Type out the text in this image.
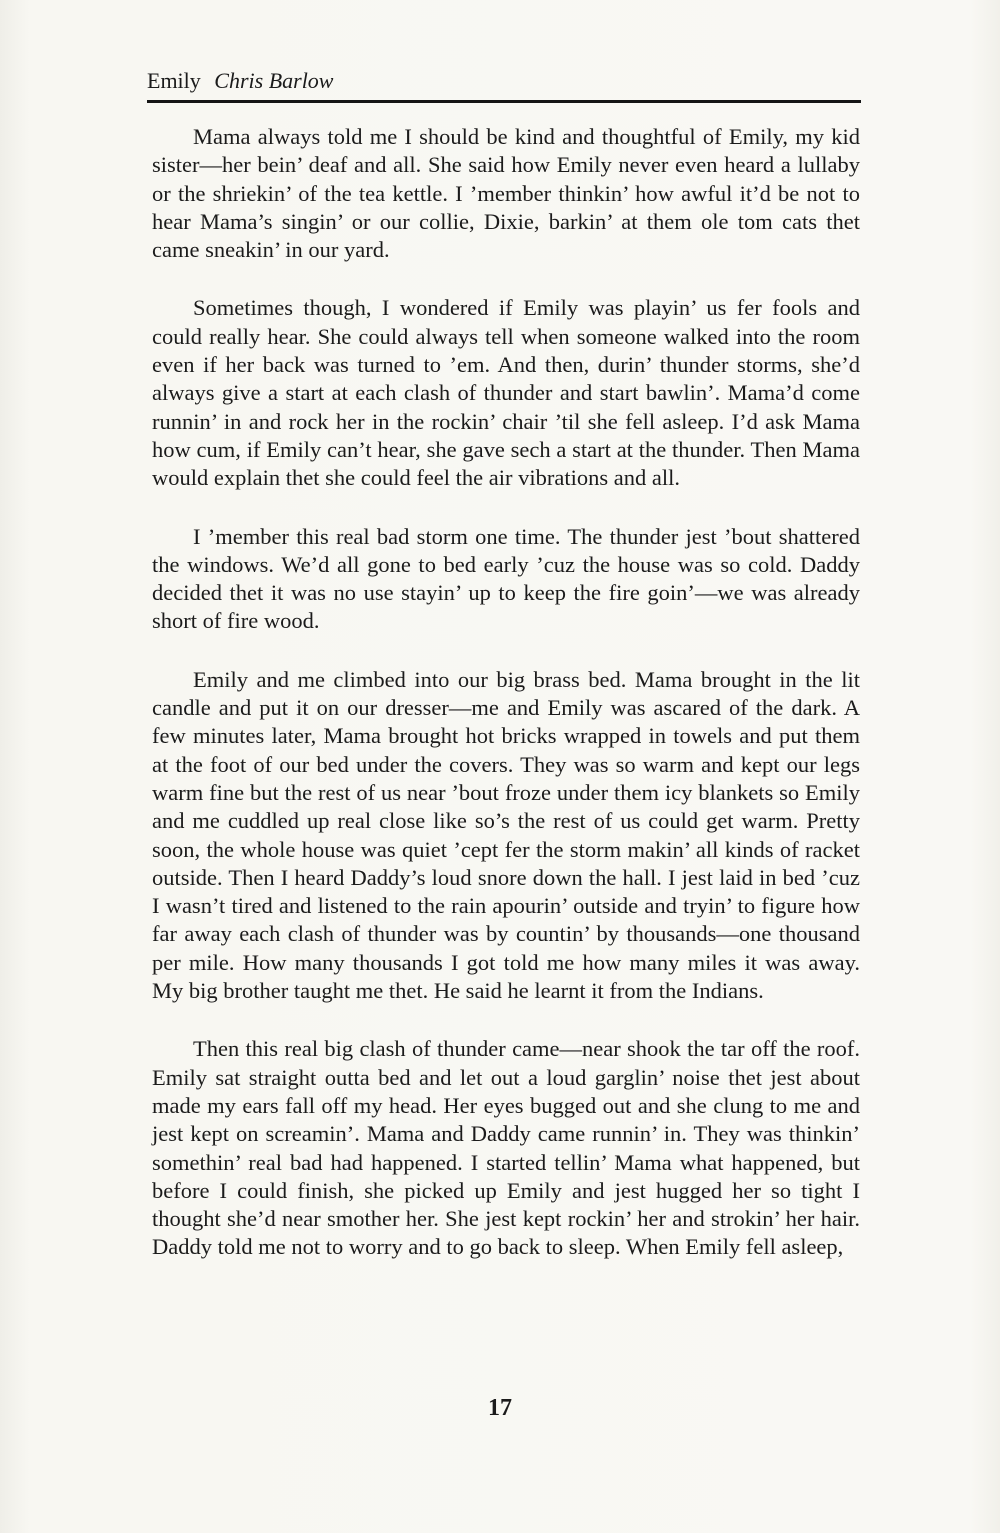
Emily Chris Barlow

Mama always told me I should be kind and thoughtful of Emily, my kid sister—her bein’ deaf and all. She said how Emily never even heard a lullaby or the shriekin’ of the tea kettle. I ’member thinkin’ how awful it’d be not to hear Mama’s singin’ or our collie, Dixie, barkin’ at them ole tom cats thet came sneakin’ in our yard.

Sometimes though, I wondered if Emily was playin’ us fer fools and could really hear. She could always tell when someone walked into the room even if her back was turned to ’em. And then, durin’ thunder storms, she’d always give a start at each clash of thunder and start bawlin’. Mama’d come runnin’ in and rock her in the rockin’ chair ’til she fell asleep. I’d ask Mama how cum, if Emily can’t hear, she gave sech a start at the thunder. Then Mama would explain thet she could feel the air vibrations and all.

I ’member this real bad storm one time. The thunder jest ’bout shattered the windows. We’d all gone to bed early ’cuz the house was so cold. Daddy decided thet it was no use stayin’ up to keep the fire goin’—we was already short of fire wood.

Emily and me climbed into our big brass bed. Mama brought in the lit candle and put it on our dresser—me and Emily was ascared of the dark. A few minutes later, Mama brought hot bricks wrapped in towels and put them at the foot of our bed under the covers. They was so warm and kept our legs warm fine but the rest of us near ’bout froze under them icy blankets so Emily and me cuddled up real close like so’s the rest of us could get warm. Pretty soon, the whole house was quiet ’cept fer the storm makin’ all kinds of racket outside. Then I heard Daddy’s loud snore down the hall. I jest laid in bed ’cuz I wasn’t tired and listened to the rain apourin’ outside and tryin’ to figure how far away each clash of thunder was by countin’ by thousands—one thousand per mile. How many thousands I got told me how many miles it was away. My big brother taught me thet. He said he learnt it from the Indians.

Then this real big clash of thunder came—near shook the tar off the roof. Emily sat straight outta bed and let out a loud garglin’ noise thet jest about made my ears fall off my head. Her eyes bugged out and she clung to me and jest kept on screamin’. Mama and Daddy came runnin’ in. They was thinkin’ somethin’ real bad had happened. I started tellin’ Mama what happened, but before I could finish, she picked up Emily and jest hugged her so tight I thought she’d near smother her. She jest kept rockin’ her and strokin’ her hair. Daddy told me not to worry and to go back to sleep. When Emily fell asleep,

17
